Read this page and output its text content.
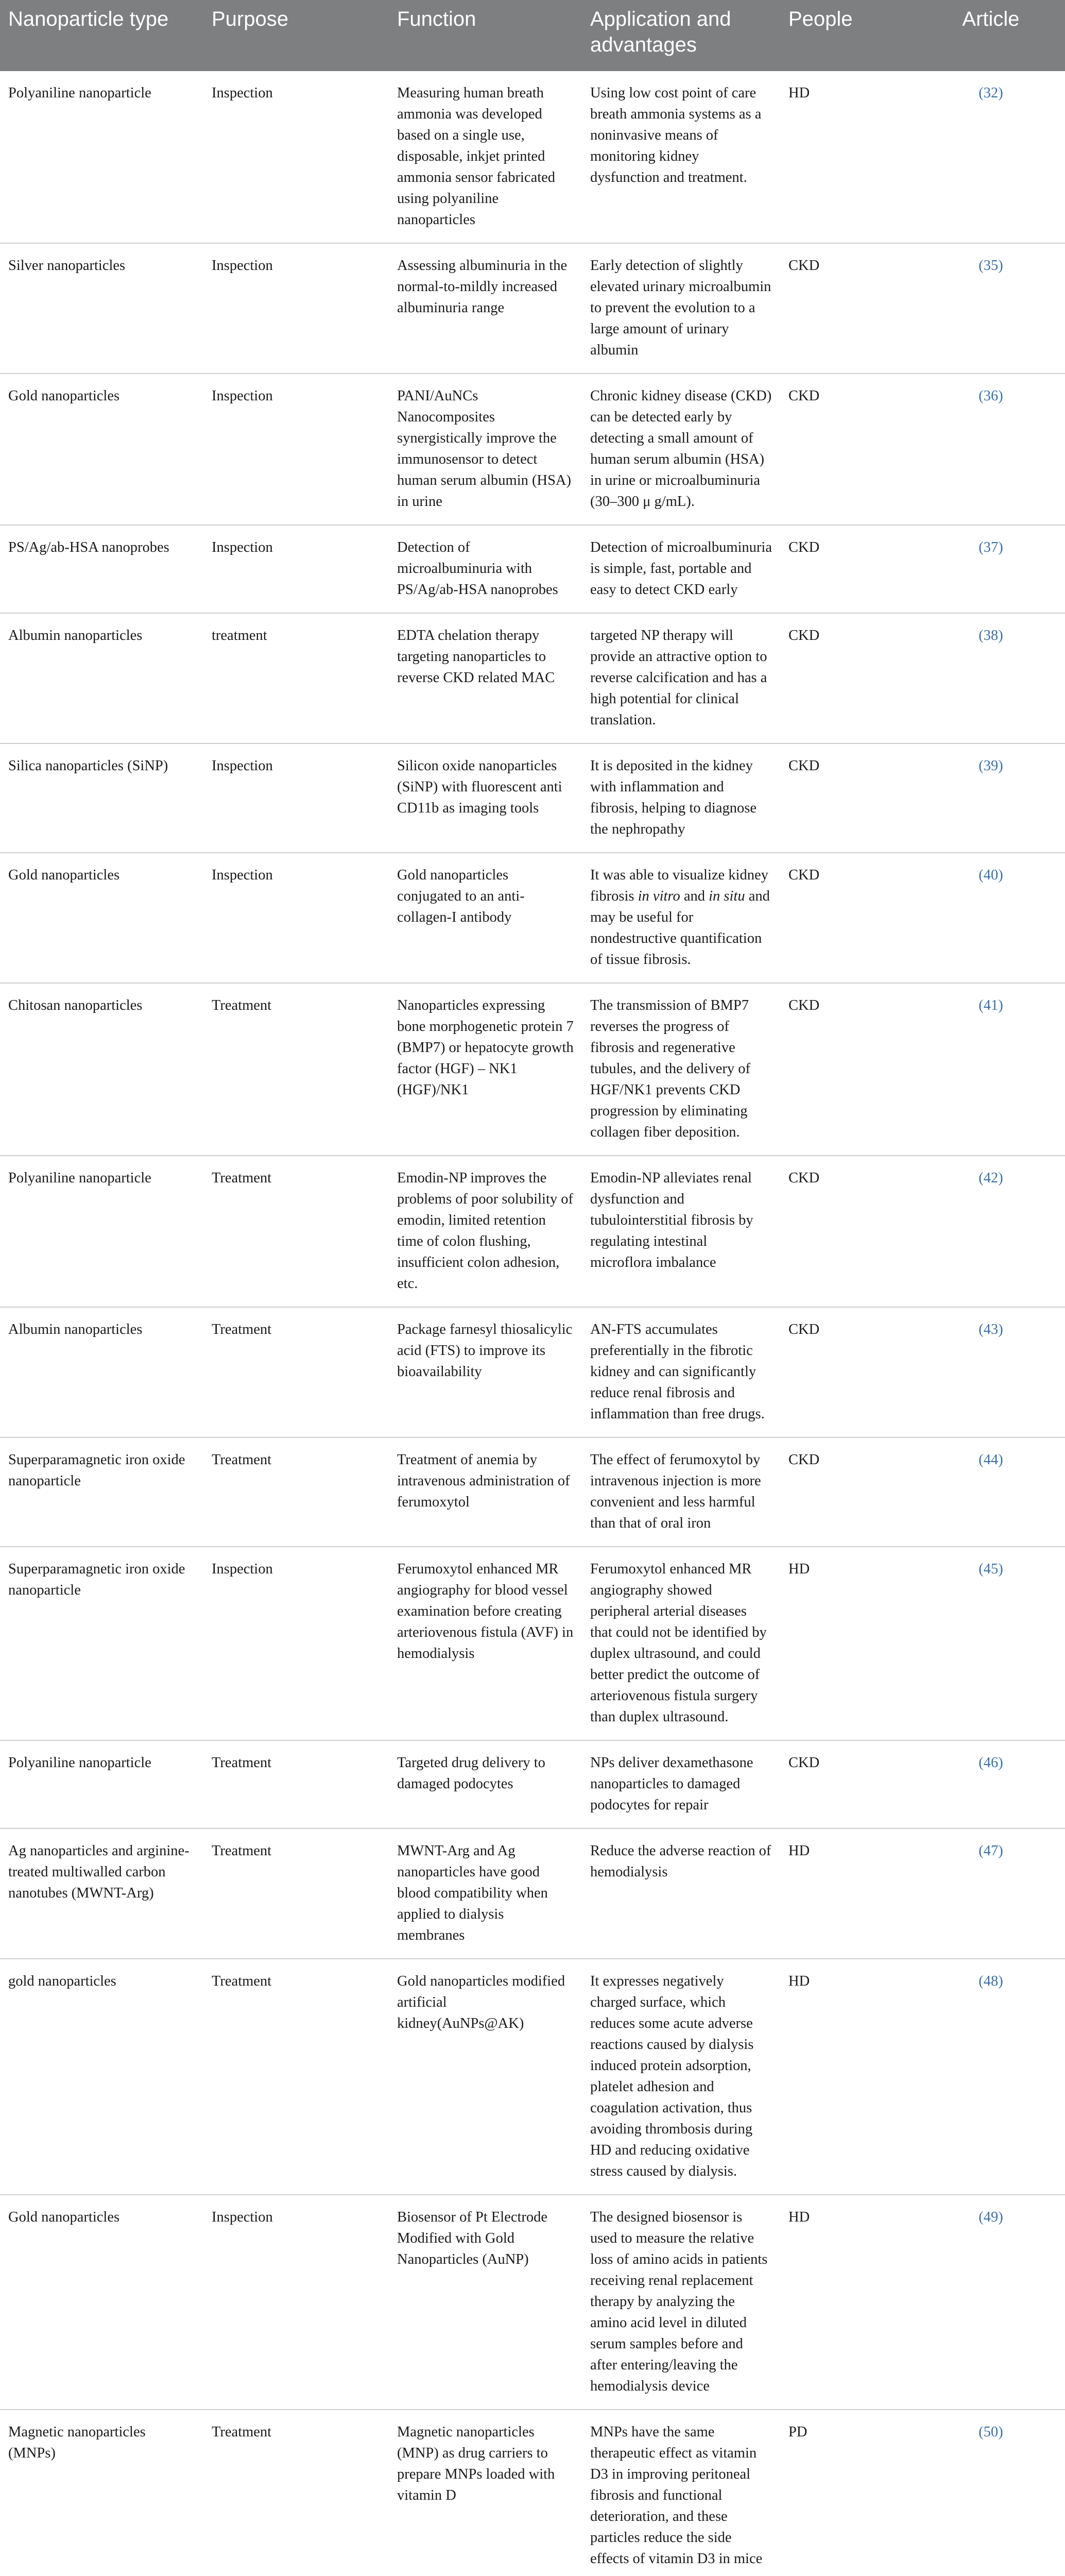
Nanoparticle type	Purpose	Function	Application and advantages	People	Article
Polyaniline nanoparticle	Inspection	Measuring human breath ammonia was developed based on a single use, disposable, inkjet printed ammonia sensor fabricated using polyaniline nanoparticles	Using low cost point of care breath ammonia systems as a noninvasive means of monitoring kidney dysfunction and treatment.	HD	(32)
Silver nanoparticles	Inspection	Assessing albuminuria in the normal-to-mildly increased albuminuria range	Early detection of slightly elevated urinary microalbumin to prevent the evolution to a large amount of urinary albumin	CKD	(35)
Gold nanoparticles	Inspection	PANI/AuNCs Nanocomposites synergistically improve the immunosensor to detect human serum albumin (HSA) in urine	Chronic kidney disease (CKD) can be detected early by detecting a small amount of human serum albumin (HSA) in urine or microalbuminuria (30–300 μ g/mL).	CKD	(36)
PS/Ag/ab-HSA nanoprobes	Inspection	Detection of microalbuminuria with PS/Ag/ab-HSA nanoprobes	Detection of microalbuminuria is simple, fast, portable and easy to detect CKD early	CKD	(37)
Albumin nanoparticles	treatment	EDTA chelation therapy targeting nanoparticles to reverse CKD related MAC	targeted NP therapy will provide an attractive option to reverse calcification and has a high potential for clinical translation.	CKD	(38)
Silica nanoparticles (SiNP)	Inspection	Silicon oxide nanoparticles (SiNP) with fluorescent anti CD11b as imaging tools	It is deposited in the kidney with inflammation and fibrosis, helping to diagnose the nephropathy	CKD	(39)
Gold nanoparticles	Inspection	Gold nanoparticles conjugated to an anti-collagen-I antibody	It was able to visualize kidney fibrosis in vitro and in situ and may be useful for nondestructive quantification of tissue fibrosis.	CKD	(40)
Chitosan nanoparticles	Treatment	Nanoparticles expressing bone morphogenetic protein 7 (BMP7) or hepatocyte growth factor (HGF) – NK1 (HGF)/NK1	The transmission of BMP7 reverses the progress of fibrosis and regenerative tubules, and the delivery of HGF/NK1 prevents CKD progression by eliminating collagen fiber deposition.	CKD	(41)
Polyaniline nanoparticle	Treatment	Emodin-NP improves the problems of poor solubility of emodin, limited retention time of colon flushing, insufficient colon adhesion, etc.	Emodin-NP alleviates renal dysfunction and tubulointerstitial fibrosis by regulating intestinal microflora imbalance	CKD	(42)
Albumin nanoparticles	Treatment	Package farnesyl thiosalicylic acid (FTS) to improve its bioavailability	AN-FTS accumulates preferentially in the fibrotic kidney and can significantly reduce renal fibrosis and inflammation than free drugs.	CKD	(43)
Superparamagnetic iron oxide nanoparticle	Treatment	Treatment of anemia by intravenous administration of ferumoxytol	The effect of ferumoxytol by intravenous injection is more convenient and less harmful than that of oral iron	CKD	(44)
Superparamagnetic iron oxide nanoparticle	Inspection	Ferumoxytol enhanced MR angiography for blood vessel examination before creating arteriovenous fistula (AVF) in hemodialysis	Ferumoxytol enhanced MR angiography showed peripheral arterial diseases that could not be identified by duplex ultrasound, and could better predict the outcome of arteriovenous fistula surgery than duplex ultrasound.	HD	(45)
Polyaniline nanoparticle	Treatment	Targeted drug delivery to damaged podocytes	NPs deliver dexamethasone nanoparticles to damaged podocytes for repair	CKD	(46)
Ag nanoparticles and arginine-treated multiwalled carbon nanotubes (MWNT-Arg)	Treatment	MWNT-Arg and Ag nanoparticles have good blood compatibility when applied to dialysis membranes	Reduce the adverse reaction of hemodialysis	HD	(47)
gold nanoparticles	Treatment	Gold nanoparticles modified artificial kidney(AuNPs@AK)	It expresses negatively charged surface, which reduces some acute adverse reactions caused by dialysis induced protein adsorption, platelet adhesion and coagulation activation, thus avoiding thrombosis during HD and reducing oxidative stress caused by dialysis.	HD	(48)
Gold nanoparticles	Inspection	Biosensor of Pt Electrode Modified with Gold Nanoparticles (AuNP)	The designed biosensor is used to measure the relative loss of amino acids in patients receiving renal replacement therapy by analyzing the amino acid level in diluted serum samples before and after entering/leaving the hemodialysis device	HD	(49)
Magnetic nanoparticles (MNPs)	Treatment	Magnetic nanoparticles (MNP) as drug carriers to prepare MNPs loaded with vitamin D	MNPs have the same therapeutic effect as vitamin D3 in improving peritoneal fibrosis and functional deterioration, and these particles reduce the side effects of vitamin D3 in mice	PD	(50)
